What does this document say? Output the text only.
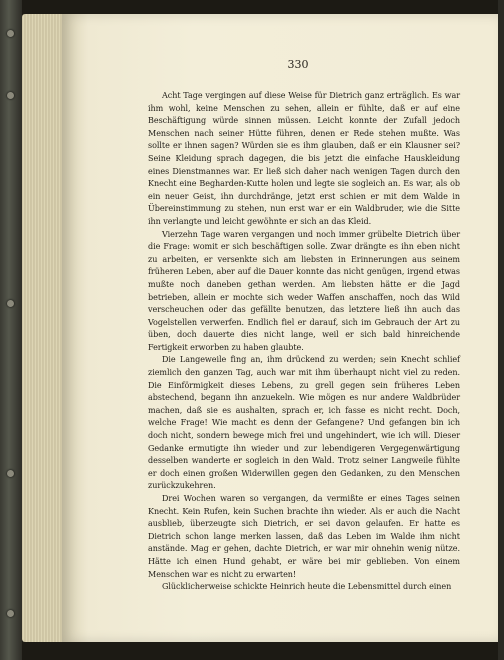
330

Acht Tage vergingen auf diese Weise für Dietrich ganz erträglich. Es war ihm wohl, keine Menschen zu sehen, allein er fühlte, daß er auf eine Beschäftigung würde sinnen müssen. Leicht konnte der Zufall jedoch Menschen nach seiner Hütte führen, denen er Rede stehen mußte. Was sollte er ihnen sagen? Würden sie es ihm glauben, daß er ein Klausner sei? Seine Kleidung sprach dagegen, die bis jetzt die einfache Hauskleidung eines Dienstmannes war. Er ließ sich daher nach wenigen Tagen durch den Knecht eine Begharden-Kutte holen und legte sie sogleich an. Es war, als ob ein neuer Geist, ihn durchdränge, jetzt erst schien er mit dem Walde in Übereinstimmung zu stehen, nun erst war er ein Waldbruder, wie die Sitte ihn verlangte und leicht gewöhnte er sich an das Kleid.

Vierzehn Tage waren vergangen und noch immer grübelte Dietrich über die Frage: womit er sich beschäftigen solle. Zwar drängte es ihn eben nicht zu arbeiten, er versenkte sich am liebsten in Erinnerungen aus seinem früheren Leben, aber auf die Dauer konnte das nicht genügen, irgend etwas mußte noch daneben gethan werden. Am liebsten hätte er die Jagd betrieben, allein er mochte sich weder Waffen anschaffen, noch das Wild verscheuchen oder das gefällte benutzen, das letztere ließ ihn auch das Vogelstellen verwerfen. Endlich fiel er darauf, sich im Gebrauch der Art zu üben, doch dauerte dies nicht lange, weil er sich bald hinreichende Fertigkeit erworben zu haben glaubte.

Die Langeweile fing an, ihm drückend zu werden; sein Knecht schlief ziemlich den ganzen Tag, auch war mit ihm überhaupt nicht viel zu reden. Die Einförmigkeit dieses Lebens, zu grell gegen sein früheres Leben abstechend, begann ihn anzuekeln. Wie mögen es nur andere Waldbrüder machen, daß sie es aushalten, sprach er, ich fasse es nicht recht. Doch, welche Frage! Wie macht es denn der Gefangene? Und gefangen bin ich doch nicht, sondern bewege mich frei und ungehindert, wie ich will. Dieser Gedanke ermutigte ihn wieder und zur lebendigeren Vergegenwärtigung desselben wanderte er sogleich in den Wald. Trotz seiner Langweile fühlte er doch einen großen Widerwillen gegen den Gedanken, zu den Menschen zurückzukehren.

Drei Wochen waren so vergangen, da vermißte er eines Tages seinen Knecht. Kein Rufen, kein Suchen brachte ihn wieder. Als er auch die Nacht ausblieb, überzeugte sich Dietrich, er sei davon gelaufen. Er hatte es Dietrich schon lange merken lassen, daß das Leben im Walde ihm nicht anstände. Mag er gehen, dachte Dietrich, er war mir ohnehin wenig nütze. Hätte ich einen Hund gehabt, er wäre bei mir geblieben. Von einem Menschen war es nicht zu erwarten!

Glücklicherweise schickte Heinrich heute die Lebensmittel durch einen
